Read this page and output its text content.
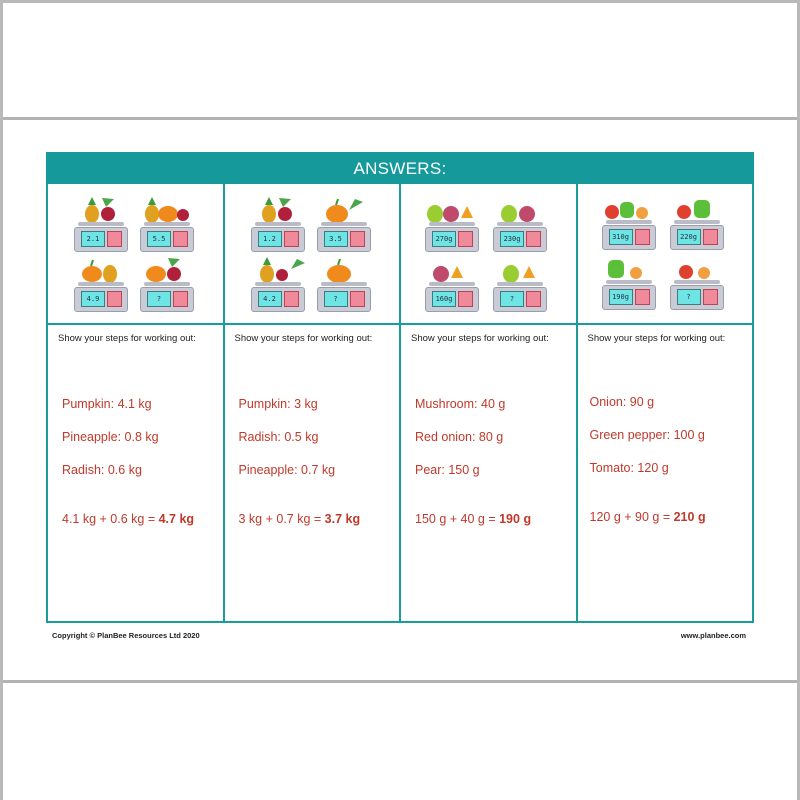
ANSWERS:
2.1	5.5
4.9	?
Show your steps for working out:
Pumpkin: 4.1 kg
Pineapple: 0.8 kg
Radish: 0.6 kg
4.1 kg + 0.6 kg = 4.7 kg
1.2	3.5
4.2	?
Show your steps for working out:
Pumpkin: 3 kg
Radish: 0.5 kg
Pineapple: 0.7 kg
3 kg + 0.7 kg = 3.7 kg
270g	230g
160g	?
Show your steps for working out:
Mushroom: 40 g
Red onion: 80 g
Pear: 150 g
150 g + 40 g = 190 g
310g	220g
190g	?
Show your steps for working out:
Onion: 90 g
Green pepper: 100 g
Tomato: 120 g
120 g + 90 g = 210 g
Copyright © PlanBee Resources Ltd 2020	www.planbee.com
